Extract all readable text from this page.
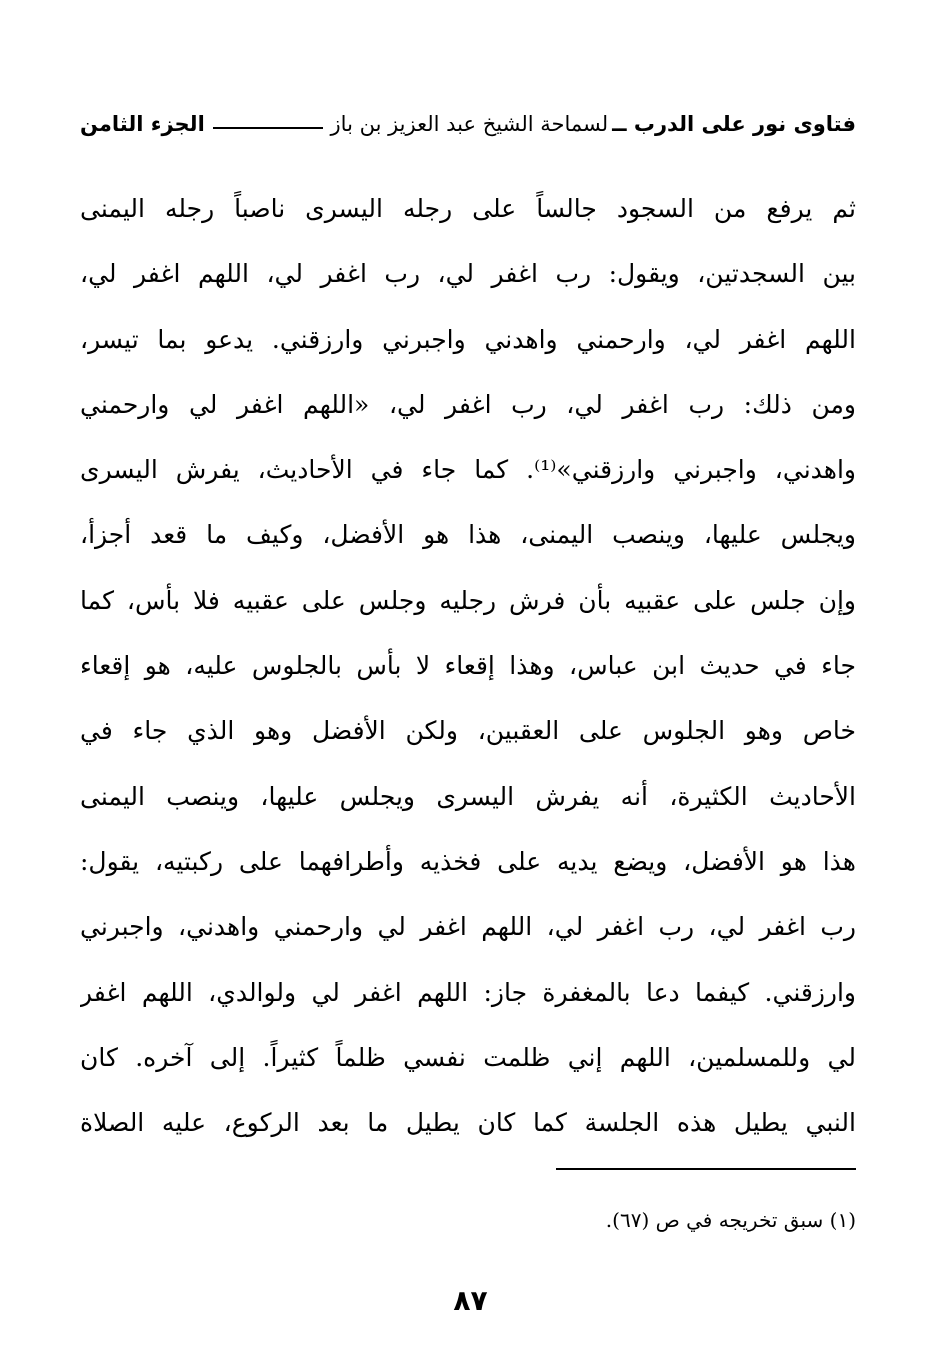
فتاوى نور على الدرب ــ
لسماحة الشيخ عبد العزيز بن باز
الجزء الثامن
ثم يرفع من السجود جالساً على رجله اليسرى ناصباً رجله اليمنى
بين السجدتين، ويقول: رب اغفر لي، رب اغفر لي، اللهم اغفر لي،
اللهم اغفر لي، وارحمني واهدني واجبرني وارزقني. يدعو بما تيسر،
ومن ذلك: رب اغفر لي، رب اغفر لي، «اللهم اغفر لي وارحمني
واهدني، واجبرني وارزقني»⁽¹⁾. كما جاء في الأحاديث، يفرش اليسرى
ويجلس عليها، وينصب اليمنى، هذا هو الأفضل، وكيف ما قعد أجزأ،
وإن جلس على عقبيه بأن فرش رجليه وجلس على عقبيه فلا بأس، كما
جاء في حديث ابن عباس، وهذا إقعاء لا بأس بالجلوس عليه، هو إقعاء
خاص وهو الجلوس على العقبين، ولكن الأفضل وهو الذي جاء في
الأحاديث الكثيرة، أنه يفرش اليسرى ويجلس عليها، وينصب اليمنى
هذا هو الأفضل، ويضع يديه على فخذيه وأطرافهما على ركبتيه، يقول:
رب اغفر لي، رب اغفر لي، اللهم اغفر لي وارحمني واهدني، واجبرني
وارزقني. كيفما دعا بالمغفرة جاز: اللهم اغفر لي ولوالدي، اللهم اغفر
لي وللمسلمين، اللهم إني ظلمت نفسي ظلماً كثيراً. إلى آخره. كان
النبي يطيل هذه الجلسة كما كان يطيل ما بعد الركوع، عليه الصلاة
(١) سبق تخريجه في ص (٦٧).
٨٧
